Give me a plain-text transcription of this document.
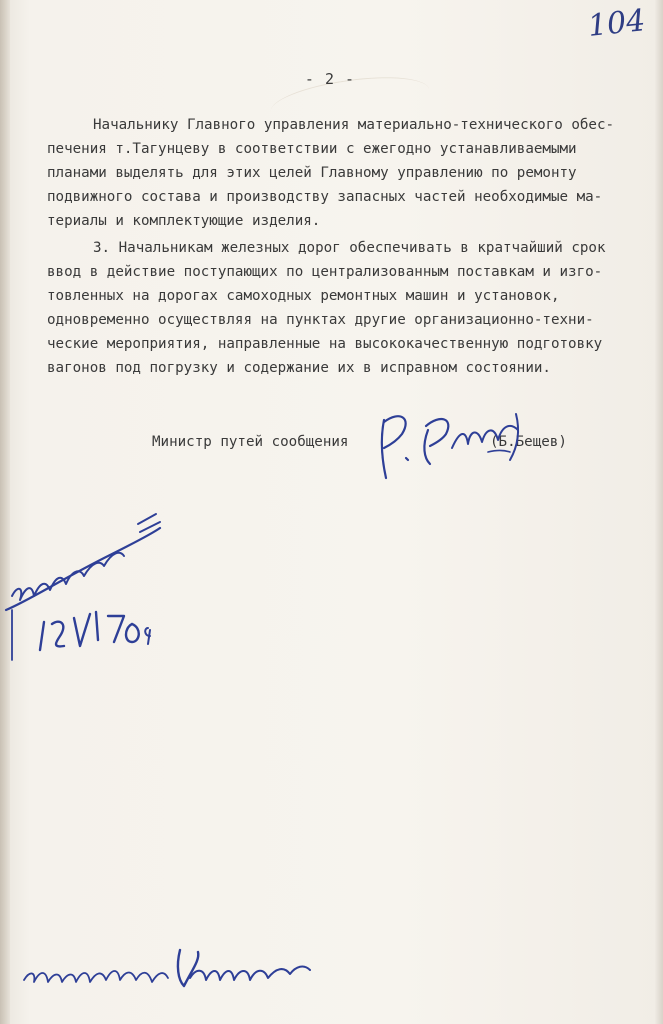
104
- 2 -
Начальнику Главного управления материально-технического обес-
печения т.Тагунцеву в соответствии с ежегодно устанавливаемыми
планами выделять для этих целей Главному управлению по ремонту
подвижного состава и производству запасных частей необходимые ма-
териалы и комплектующие изделия.
3. Начальникам железных дорог обеспечивать в кратчайший срок
ввод в действие поступающих по централизованным поставкам и изго-
товленных на дорогах самоходных ремонтных машин и установок,
одновременно осуществляя на пунктах другие организационно-техни-
ческие мероприятия, направленные на высококачественную подготовку
вагонов под погрузку и содержание их в исправном состоянии.
Министр путей сообщения	(Б.Бещев)
